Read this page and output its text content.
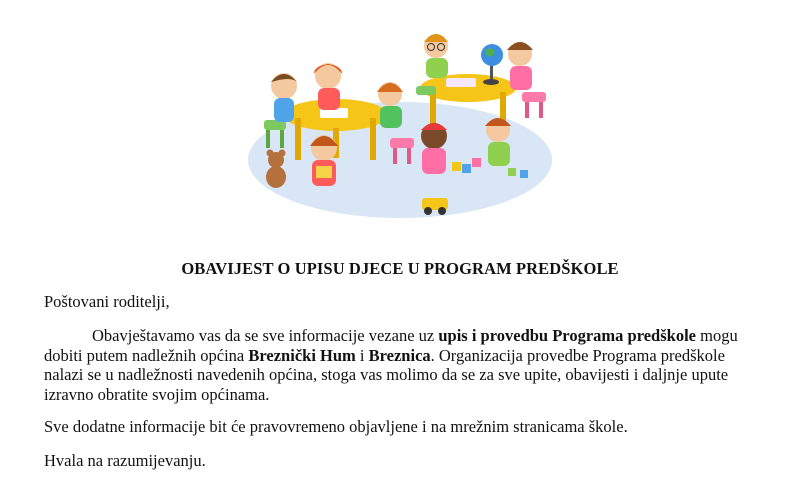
OBAVIJEST O UPISU DJECE U PROGRAM PREDŠKOLE

Poštovani roditelji,

Obavještavamo vas da se sve informacije vezane uz upis i provedbu Programa predškole mogu dobiti putem nadležnih općina Breznički Hum i Breznica. Organizacija provedbe Programa predškole nalazi se u nadležnosti navedenih općina, stoga vas molimo da se za sve upite, obavijesti i daljnje upute izravno obratite svojim općinama.

Sve dodatne informacije bit će pravovremeno objavljene i na mrežnim stranicama škole.

Hvala na razumijevanju.
